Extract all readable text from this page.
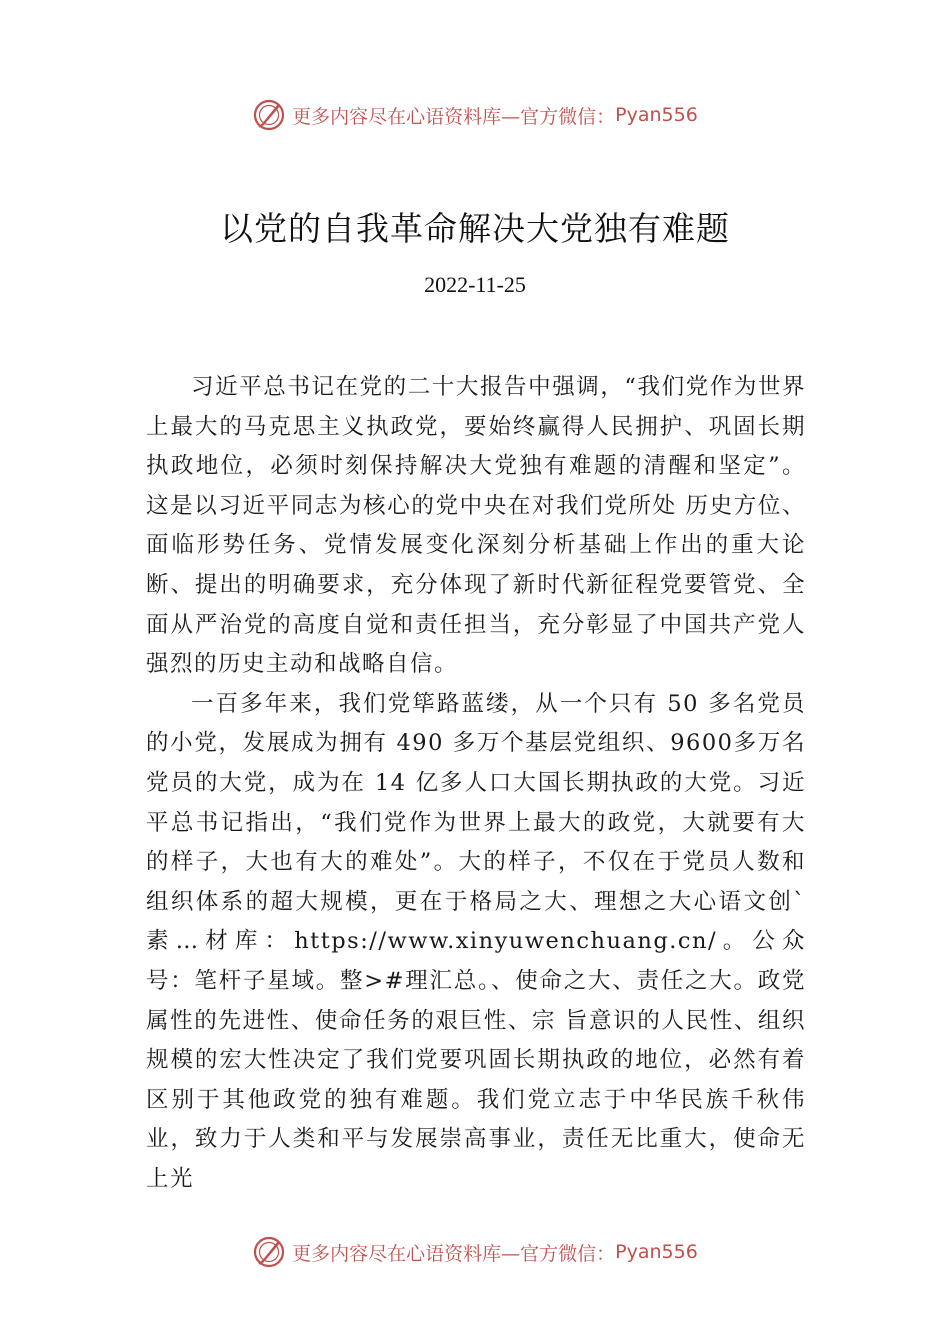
更多内容尽在心语资料库—官方微信： Pyan556
以党的自我革命解决大党独有难题
2022-11-25

习近平总书记在党的二十大报告中强调，“我们党作为世界上最大的马克思主义执政党，要始终赢得人民拥护、巩固长期执政地位，必须时刻保持解决大党独有难题的清醒和坚定”。这是以习近平同志为核心的党中央在对我们党所处 历史方位、面临形势任务、党情发展变化深刻分析基础上作出的重大论断、提出的明确要求，充分体现了新时代新征程党要管党、全面从严治党的高度自觉和责任担当，充分彰显了中国共产党人强烈的历史主动和战略自信。

一百多年来，我们党筚路蓝缕，从一个只有 50 多名党员的小党，发展成为拥有 490 多万个基层党组织、9600多万名党员的大党，成为在 14 亿多人口大国长期执政的大党。习近平总书记指出，“我们党作为世界上最大的政党，大就要有大的样子，大也有大的难处”。大的样子，不仅在于党员人数和组织体系的超大规模，更在于格局之大、理想之大心语文创`素…材库：https://www.xinyuwenchuang.cn/。公众号：笔杆子星域。整>#理汇总。、使命之大、责任之大。政党属性的先进性、使命任务的艰巨性、宗 旨意识的人民性、组织规模的宏大性决定了我们党要巩固长期执政的地位，必然有着区别于其他政党的独有难题。我们党立志于中华民族千秋伟业，致力于人类和平与发展崇高事业，责任无比重大，使命无上光

更多内容尽在心语资料库—官方微信： Pyan556
